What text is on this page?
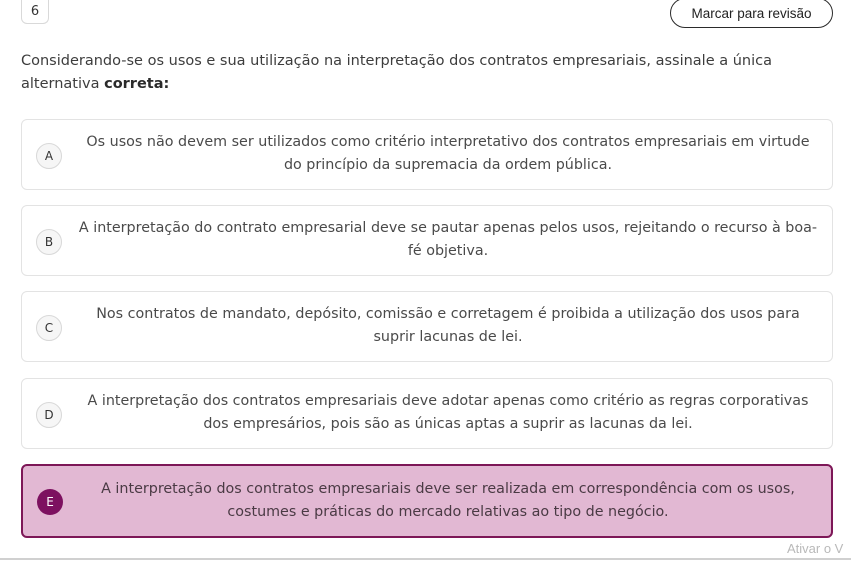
6	Marcar para revisão
Considerando-se os usos e sua utilização na interpretação dos contratos empresariais, assinale a única alternativa correta:
A
Os usos não devem ser utilizados como critério interpretativo dos contratos empresariais em virtude do princípio da supremacia da ordem pública.
B
A interpretação do contrato empresarial deve se pautar apenas pelos usos, rejeitando o recurso à boa-fé objetiva.
C
Nos contratos de mandato, depósito, comissão e corretagem é proibida a utilização dos usos para suprir lacunas de lei.
D
A interpretação dos contratos empresariais deve adotar apenas como critério as regras corporativas dos empresários, pois são as únicas aptas a suprir as lacunas da lei.
E
A interpretação dos contratos empresariais deve ser realizada em correspondência com os usos, costumes e práticas do mercado relativas ao tipo de negócio.
Ativar o V
